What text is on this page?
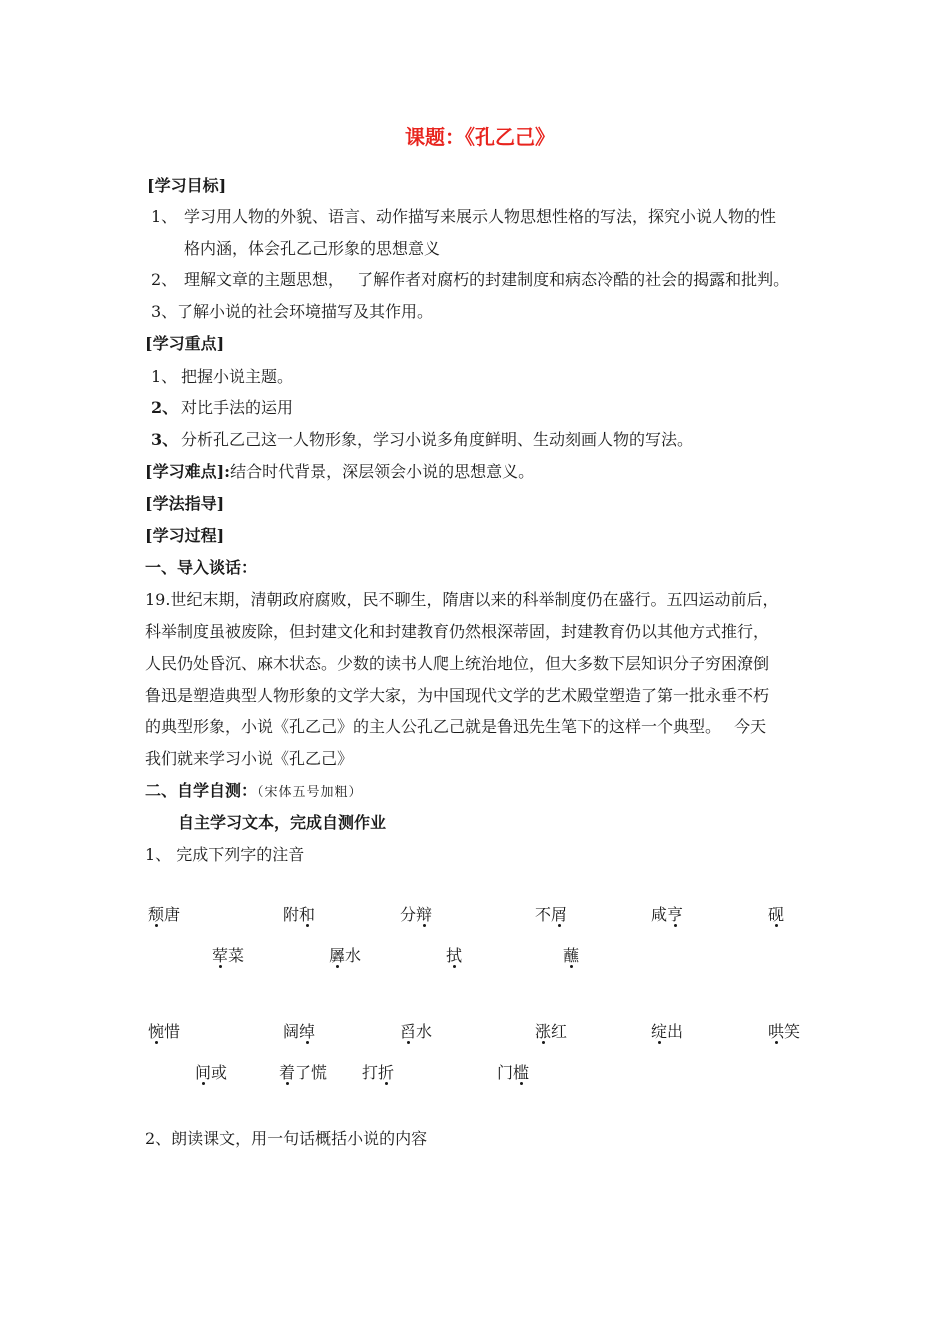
课题：《孔乙己》
[学习目标]
1、 学习用人物的外貌、语言、动作描写来展示人物思想性格的写法，探究小说人物的性
格内涵，体会孔乙己形象的思想意义
2、 理解文章的主题思想，　 了解作者对腐朽的封建制度和病态冷酷的社会的揭露和批判。
3、 了解小说的社会环境描写及其作用。
[学习重点]
1、 把握小说主题。
2、 对比手法的运用
3、 分析孔乙己这一人物形象，学习小说多角度鲜明、生动刻画人物的写法。
[学习难点]:结合时代背景，深层领会小说的思想意义。
[学法指导]
[学习过程]
一、导入谈话：
19.世纪末期，清朝政府腐败，民不聊生，隋唐以来的科举制度仍在盛行。五四运动前后，
科举制度虽被废除，但封建文化和封建教育仍然根深蒂固，封建教育仍以其他方式推行，
人民仍处昏沉、麻木状态。少数的读书人爬上统治地位，但大多数下层知识分子穷困潦倒
鲁迅是塑造典型人物形象的文学大家，为中国现代文学的艺术殿堂塑造了第一批永垂不朽
的典型形象，小说《孔乙己》的主人公孔乙己就是鲁迅先生笔下的这样一个典型。　 今天
我们就来学习小说《孔乙己》
二、自学自测：（宋体五号加粗）
自主学习文本，完成自测作业
1、 完成下列字的注音
颓唐	附和	分辩	不屑	咸亨	砚
荤菜	羼水	拭	蘸
惋惜	阔绰	舀水	涨红	绽出	哄笑
间或	着了慌 打折	门槛
2、朗读课文，用一句话概括小说的内容
